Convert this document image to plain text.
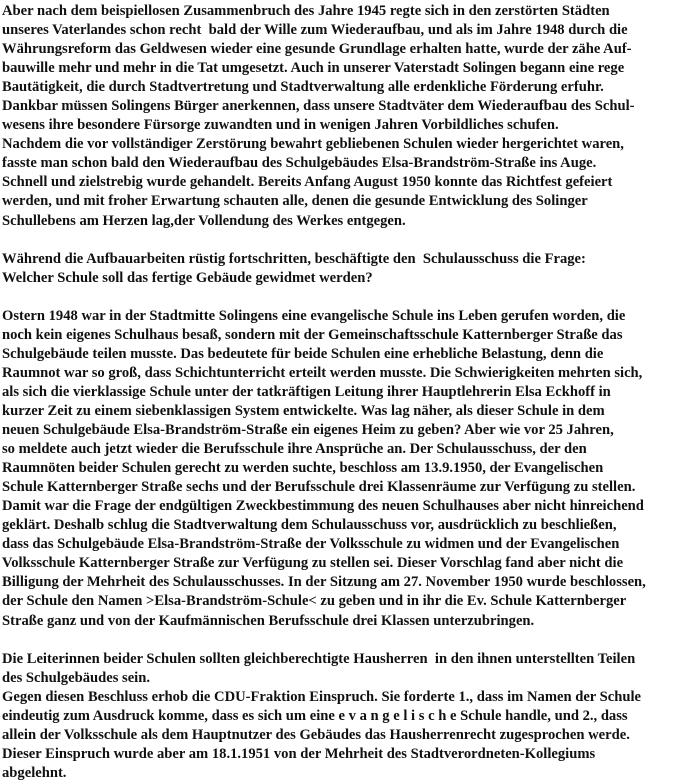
Aber nach dem beispiellosen Zusammenbruch des Jahre 1945 regte sich in den zerstörten Städten
unseres Vaterlandes schon recht  bald der Wille zum Wiederaufbau, und als im Jahre 1948 durch die
Währungsreform das Geldwesen wieder eine gesunde Grundlage erhalten hatte, wurde der zähe Auf-
bauwille mehr und mehr in die Tat umgesetzt. Auch in unserer Vaterstadt Solingen begann eine rege
Bautätigkeit, die durch Stadtvertretung und Stadtverwaltung alle erdenkliche Förderung erfuhr.
Dankbar müssen Solingens Bürger anerkennen, dass unsere Stadtväter dem Wiederaufbau des Schul-
wesens ihre besondere Fürsorge zuwandten und in wenigen Jahren Vorbildliches schufen.
Nachdem die vor vollständiger Zerstörung bewahrt gebliebenen Schulen wieder hergerichtet waren,
fasste man schon bald den Wiederaufbau des Schulgebäudes Elsa-Brandström-Straße ins Auge.
Schnell und zielstrebig wurde gehandelt. Bereits Anfang August 1950 konnte das Richtfest gefeiert
werden, und mit froher Erwartung schauten alle, denen die gesunde Entwicklung des Solinger
Schullebens am Herzen lag,der Vollendung des Werkes entgegen.
Während die Aufbauarbeiten rüstig fortschritten, beschäftigte den  Schulausschuss die Frage:
Welcher Schule soll das fertige Gebäude gewidmet werden?
Ostern 1948 war in der Stadtmitte Solingens eine evangelische Schule ins Leben gerufen worden, die
noch kein eigenes Schulhaus besaß, sondern mit der Gemeinschaftsschule Katternberger Straße das
Schulgebäude teilen musste. Das bedeutete für beide Schulen eine erhebliche Belastung, denn die
Raumnot war so groß, dass Schichtunterricht erteilt werden musste. Die Schwierigkeiten mehrten sich,
als sich die vierklassige Schule unter der tatkräftigen Leitung ihrer Hauptlehrerin Elsa Eckhoff in
kurzer Zeit zu einem siebenklassigen System entwickelte. Was lag näher, als dieser Schule in dem
neuen Schulgebäude Elsa-Brandström-Straße ein eigenes Heim zu geben? Aber wie vor 25 Jahren,
so meldete auch jetzt wieder die Berufsschule ihre Ansprüche an. Der Schulausschuss, der den
Raumnöten beider Schulen gerecht zu werden suchte, beschloss am 13.9.1950, der Evangelischen
Schule Katternberger Straße sechs und der Berufsschule drei Klassenräume zur Verfügung zu stellen.
Damit war die Frage der endgültigen Zweckbestimmung des neuen Schulhauses aber nicht hinreichend
geklärt. Deshalb schlug die Stadtverwaltung dem Schulausschuss vor, ausdrücklich zu beschließen,
dass das Schulgebäude Elsa-Brandström-Straße der Volksschule zu widmen und der Evangelischen
Volksschule Katternberger Straße zur Verfügung zu stellen sei. Dieser Vorschlag fand aber nicht die
Billigung der Mehrheit des Schulausschusses. In der Sitzung am 27. November 1950 wurde beschlossen,
der Schule den Namen >Elsa-Brandström-Schule< zu geben und in ihr die Ev. Schule Katternberger
Straße ganz und von der Kaufmännischen Berufsschule drei Klassen unterzubringen.
Die Leiterinnen beider Schulen sollten gleichberechtigte Hausherren  in den ihnen unterstellten Teilen
des Schulgebäudes sein.
Gegen diesen Beschluss erhob die CDU-Fraktion Einspruch. Sie forderte 1., dass im Namen der Schule
eindeutig zum Ausdruck komme, dass es sich um eine e v a n g e l i s c h e Schule handle, und 2., dass
allein der Volksschule als dem Hauptnutzer des Gebäudes das Hausherrenrecht zugesprochen werde.
Dieser Einspruch wurde aber am 18.1.1951 von der Mehrheit des Stadtverordneten-Kollegiums
abgelehnt.
